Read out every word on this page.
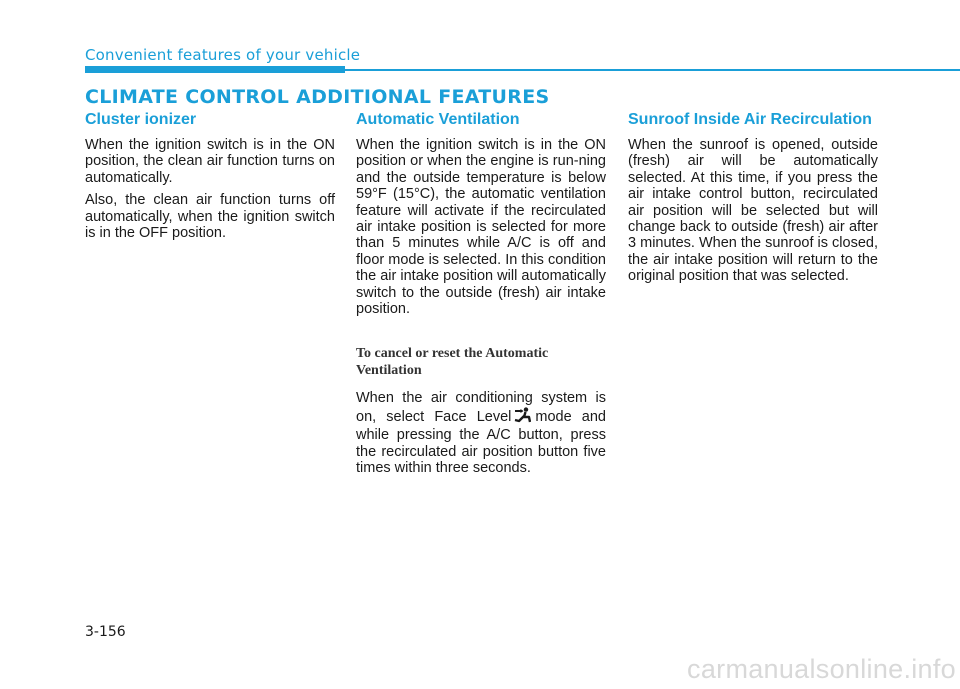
Convenient features of your vehicle
CLIMATE CONTROL ADDITIONAL FEATURES
Cluster ionizer

When the ignition switch is in the ON position, the clean air function turns on automatically.

Also, the clean air function turns off automatically, when the ignition switch is in the OFF position.

Automatic Ventilation

When the ignition switch is in the ON position or when the engine is run-ning and the outside temperature is below 59°F (15°C), the automatic ventilation feature will activate if the recirculated air intake position is selected for more than 5 minutes while A/C is off and floor mode is selected. In this condition the air intake position will automatically switch to the outside (fresh) air intake position.

To cancel or reset the Automatic Ventilation

When the air conditioning system is on, select Face Level mode and while pressing the A/C button, press the recirculated air position button five times within three seconds.

Sunroof Inside Air Recirculation

When the sunroof is opened, outside (fresh) air will be automatically selected. At this time, if you press the air intake control button, recirculated air position will be selected but will change back to outside (fresh) air after 3 minutes. When the sunroof is closed, the air intake position will return to the original position that was selected.

3-156
carmanualsonline.info
